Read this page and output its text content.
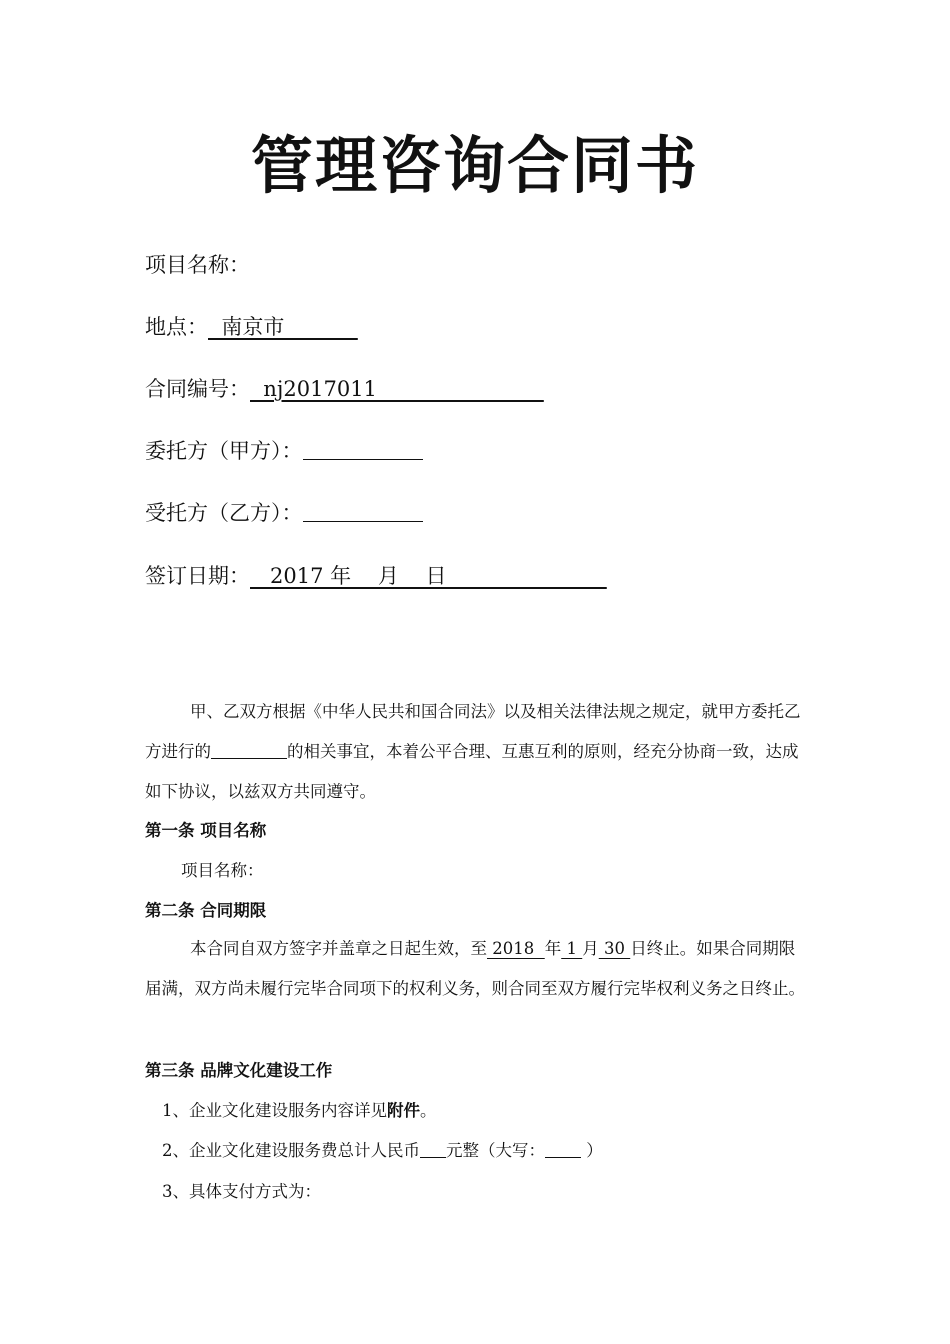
管理咨询合同书
项目名称：
地点：  南京市
合同编号：  nj2017011
委托方（甲方）：
受托方（乙方）：
签订日期：   2017 年    月    日

甲、乙双方根据《中华人民共和国合同法》以及相关法律法规之规定，就甲方委托乙方进行的	的相关事宜，本着公平合理、互惠互利的原则，经充分协商一致，达成如下协议，以兹双方共同遵守。

第一条 项目名称
项目名称：
第二条 合同期限

本合同自双方签字并盖章之日起生效，至 2018  年 1 月 30 日终止。如果合同期限届满，双方尚未履行完毕合同项下的权利义务，则合同至双方履行完毕权利义务之日终止。

第三条 品牌文化建设工作
1、企业文化建设服务内容详见附件。
2、企业文化建设服务费总计人民币 元整（大写： ）
3、具体支付方式为：
